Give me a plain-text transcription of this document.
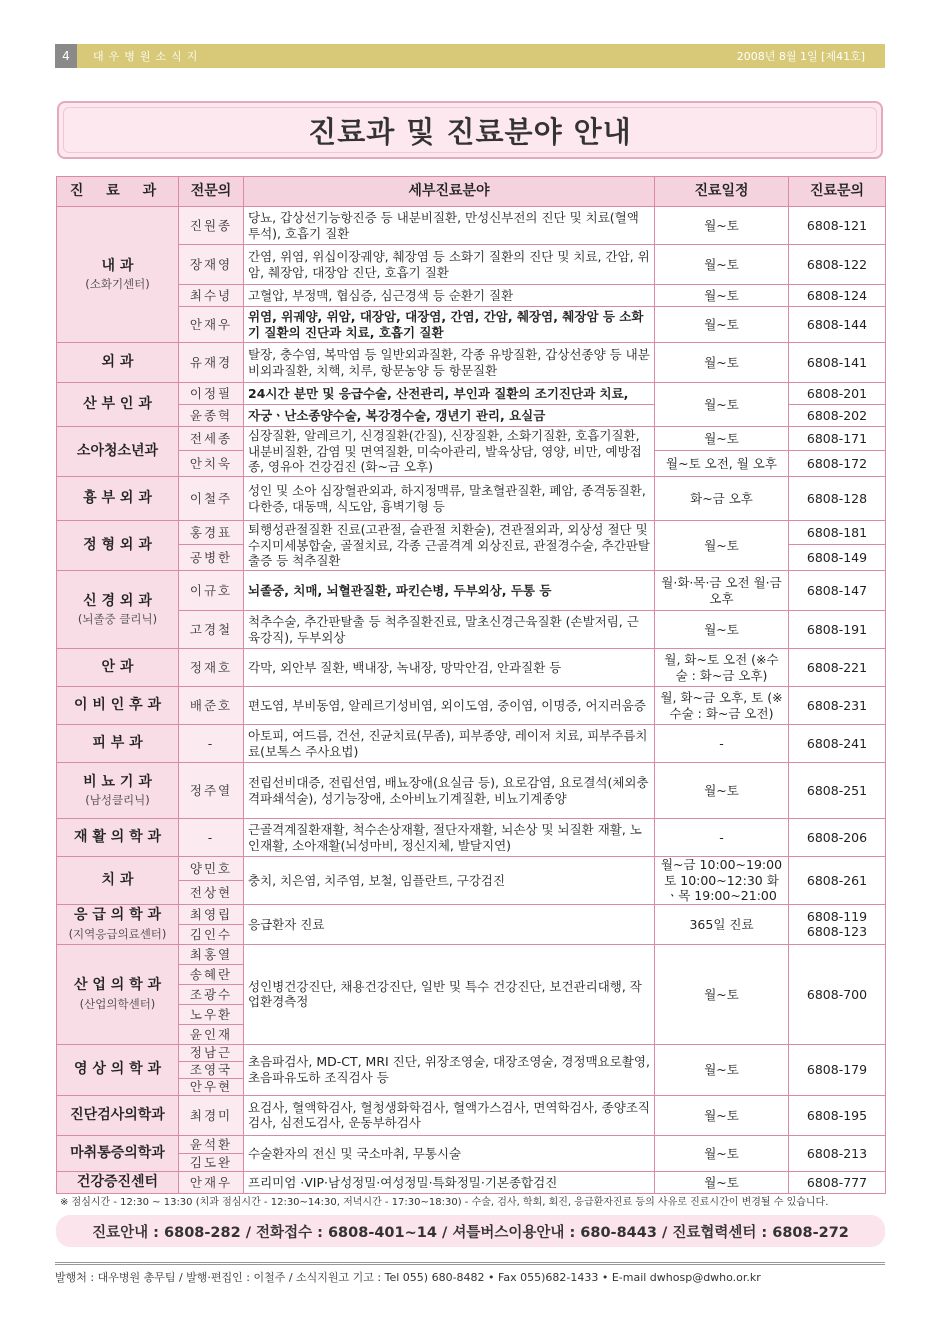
4	대우병원소식지	2008년 8월 1일 [제41호]
진료과 및 진료분야 안내
진 료 과	전문의	세부진료분야	진료일정	진료문의
내 과
(소화기센터)	진원종	당뇨, 갑상선기능항진증 등 내분비질환, 만성신부전의 진단 및 치료(혈액투석), 호흡기 질환	월~토	6808-121
	장재영	간염, 위염, 위십이장궤양, 췌장염 등 소화기 질환의 진단 및 치료, 간암, 위암, 췌장암, 대장암 진단, 호흡기 질환	월~토	6808-122
	최수녕	고혈압, 부정맥, 협심증, 심근경색 등 순환기 질환	월~토	6808-124
	안재우	위염, 위궤양, 위암, 대장암, 대장염, 간염, 간암, 췌장염, 췌장암 등 소화기 질환의 진단과 치료, 호흡기 질환	월~토	6808-144
외 과	유재경	탈장, 충수염, 복막염 등 일반외과질환, 각종 유방질환, 갑상선종양 등 내분비외과질환, 치핵, 치루, 항문농양 등 항문질환	월~토	6808-141
산 부 인 과	이정필	24시간 분만 및 응급수술, 산전관리, 부인과 질환의 조기진단과 치료,	월~토	6808-201
	윤종혁	자궁ㆍ난소종양수술, 복강경수술, 갱년기 관리, 요실금		6808-202
소아청소년과	전세종	심장질환, 알레르기, 신경질환(간질), 신장질환, 소화기질환, 호흡기질환, 내분비질환, 감염 및 면역질환, 미숙아관리, 발육상담, 영양, 비만, 예방접종, 영유아 건강검진 (화~금 오후)	월~토	6808-171
	안치욱		월~토 오전, 월 오후	6808-172
흉 부 외 과	이철주	성인 및 소아 심장혈관외과, 하지정맥류, 말초혈관질환, 폐암, 종격동질환, 다한증, 대동맥, 식도암, 흉벽기형 등	화~금 오후	6808-128
정 형 외 과	홍경표	퇴행성관절질환 진료(고관절, 슬관절 치환술), 견관절외과, 외상성 절단 및 수지미세봉합술, 골절치료, 각종 근골격계 외상진료, 관절경수술, 추간판탈출증 등 척추질환	월~토	6808-181
	공병한			6808-149
신 경 외 과
(뇌졸중 클리닉)	이규호	뇌졸중, 치매, 뇌혈관질환, 파킨슨병, 두부외상, 두통 등	월·화·목·금 오전 월·금 오후	6808-147
	고경철	척추수술, 추간판탈출 등 척추질환진료, 말초신경근육질환 (손발저림, 근육강직), 두부외상	월~토	6808-191
안 과	정재호	각막, 외안부 질환, 백내장, 녹내장, 망막안검, 안과질환 등	월, 화~토 오전 (※수술 : 화~금 오후)	6808-221
이 비 인 후 과	배준호	편도염, 부비동염, 알레르기성비염, 외이도염, 중이염, 이명증, 어지러움증	월, 화~금 오후, 토 (※수술 : 화~금 오전)	6808-231
피 부 과	-	아토피, 여드름, 건선, 진균치료(무좀), 피부종양, 레이저 치료, 피부주름치료(보톡스 주사요법)	-	6808-241
비 뇨 기 과
(남성클리닉)	정주열	전립선비대증, 전립선염, 배뇨장애(요실금 등), 요로감염, 요로결석(체외충격파쇄석술), 성기능장애, 소아비뇨기계질환, 비뇨기계종양	월~토	6808-251
재 활 의 학 과	-	근골격계질환재활, 척수손상재활, 절단자재활, 뇌손상 및 뇌질환 재활, 노인재활, 소아재활(뇌성마비, 정신지체, 발달지연)	-	6808-206
치 과	양민호	충치, 치은염, 치주염, 보철, 임플란트, 구강검진	월~금 10:00~19:00 토 10:00~12:30 화ㆍ목 19:00~21:00	6808-261
	전상현			
응 급 의 학 과
(지역응급의료센터)	최영립	응급환자 진료	365일 진료	6808-119 6808-123
	김인수			
산 업 의 학 과
(산업의학센터)	최홍열	성인병건강진단, 채용건강진단, 일반 및 특수 건강진단, 보건관리대행, 작업환경측정	월~토	6808-700
	송혜란			
	조광수			
	노우환			
	윤인재			
영 상 의 학 과	정남근	초음파검사, MD-CT, MRI 진단, 위장조영술, 대장조영술, 경정맥요로촬영, 초음파유도하 조직검사 등	월~토	6808-179
	조영국			
	안우현			
진단검사의학과	최경미	요검사, 혈액학검사, 혈청생화학검사, 혈액가스검사, 면역학검사, 종양조직검사, 심전도검사, 운동부하검사	월~토	6808-195
마취통증의학과	윤석환	수술환자의 전신 및 국소마취, 무통시술	월~토	6808-213
	김도완			
건강증진센터	안재우	프리미엄 ·VIP·남성정밀·여성정밀·특화정밀·기본종합검진	월~토	6808-777
※ 점심시간 - 12:30 ~ 13:30 (치과 점심시간 - 12:30~14:30, 저녁시간 - 17:30~18:30) - 수술, 검사, 학회, 회진, 응급환자진료 등의 사유로 진료시간이 변경될 수 있습니다.
진료안내 : 6808-282 / 전화접수 : 6808-401~14 / 셔틀버스이용안내 : 680-8443 / 진료협력센터 : 6808-272
발행처 : 대우병원 총무팀 / 발행·편집인 : 이철주 / 소식지원고 기고 : Tel 055) 680-8482 • Fax 055)682-1433 • E-mail dwhosp@dwho.or.kr
